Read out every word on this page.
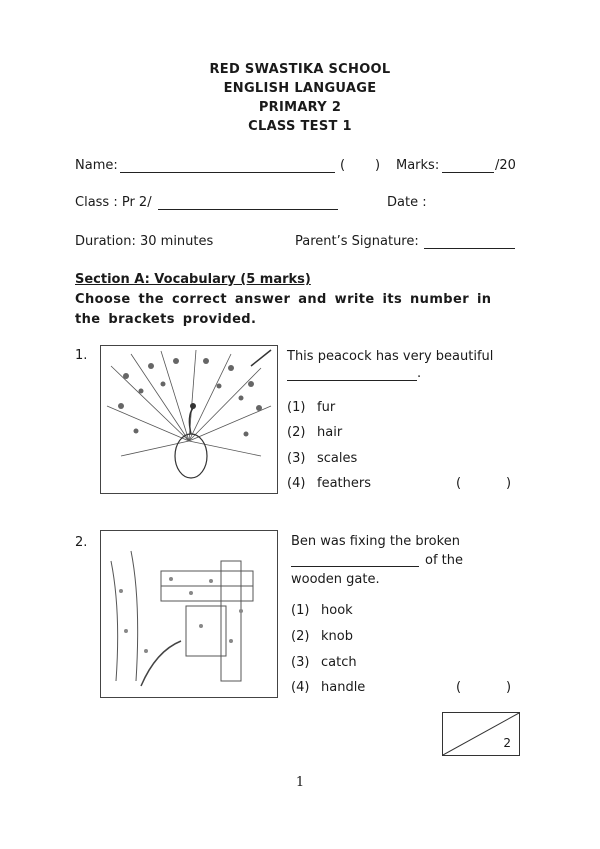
RED SWASTIKA SCHOOL
ENGLISH LANGUAGE
PRIMARY 2
CLASS TEST 1
Name:	( ) Marks:	/20
Class : Pr 2/	Date :
Duration: 30 minutes	Parent’s Signature:
Section A: Vocabulary (5 marks)
Choose the correct answer and write its number in the brackets provided.
1.	This peacock has very beautiful
.
(1) fur
(2) hair
(3) scales
(4) feathers	(	)
2.	Ben was fixing the broken
of the
wooden gate.
(1) hook
(2) knob
(3) catch
(4) handle	(	)
2
1
